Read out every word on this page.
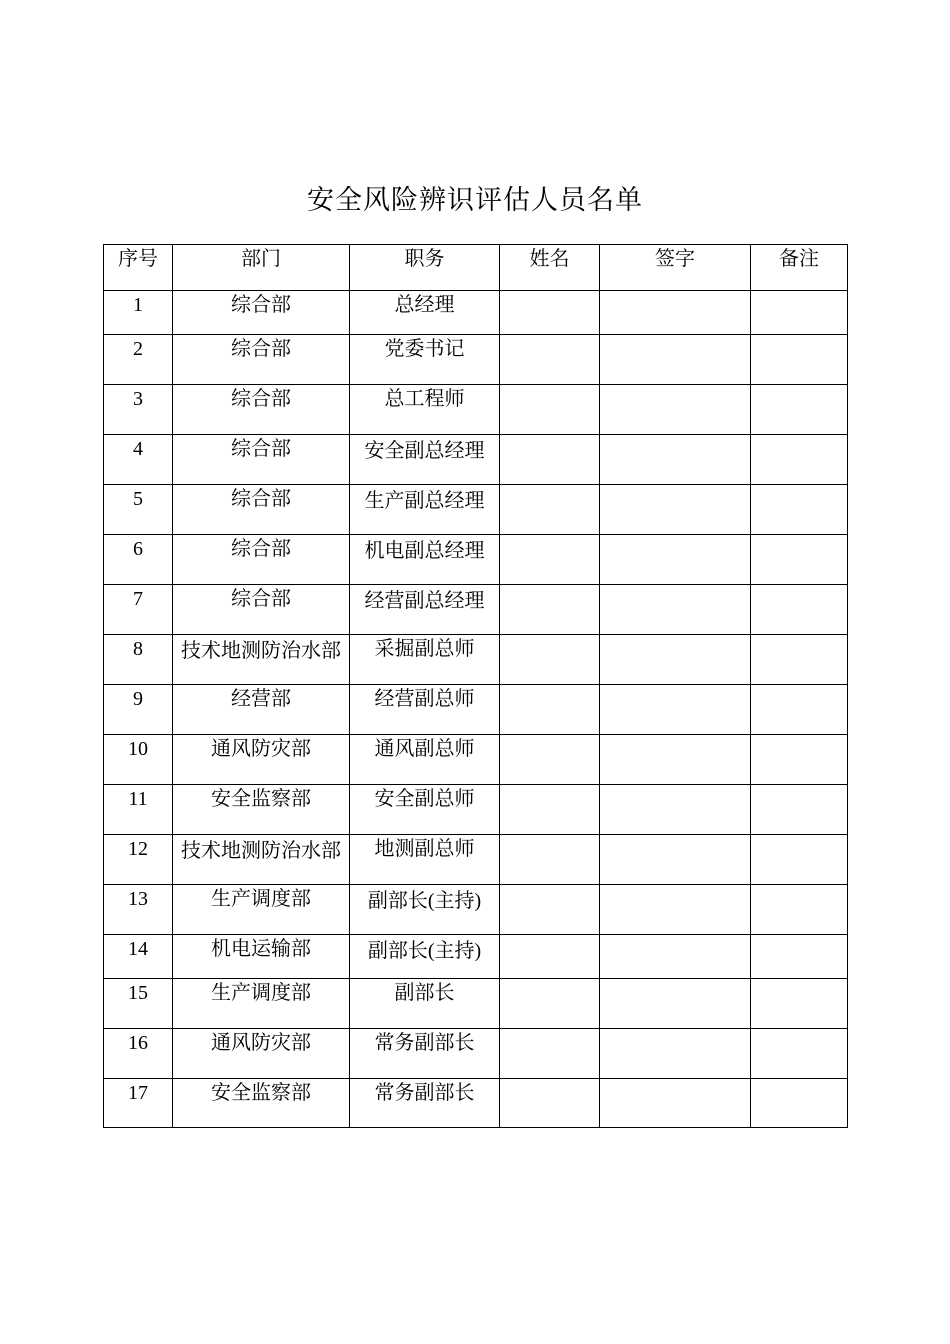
安全风险辨识评估人员名单
序号	部门	职务	姓名	签字	备注
1	综合部	总经理			
2	综合部	党委书记			
3	综合部	总工程师			
4	综合部	安全副总经理			
5	综合部	生产副总经理			
6	综合部	机电副总经理			
7	综合部	经营副总经理			
8	技术地测防治水部	采掘副总师			
9	经营部	经营副总师			
10	通风防灾部	通风副总师			
11	安全监察部	安全副总师			
12	技术地测防治水部	地测副总师			
13	生产调度部	副部长(主持)			
14	机电运输部	副部长(主持)			
15	生产调度部	副部长			
16	通风防灾部	常务副部长			
17	安全监察部	常务副部长			
